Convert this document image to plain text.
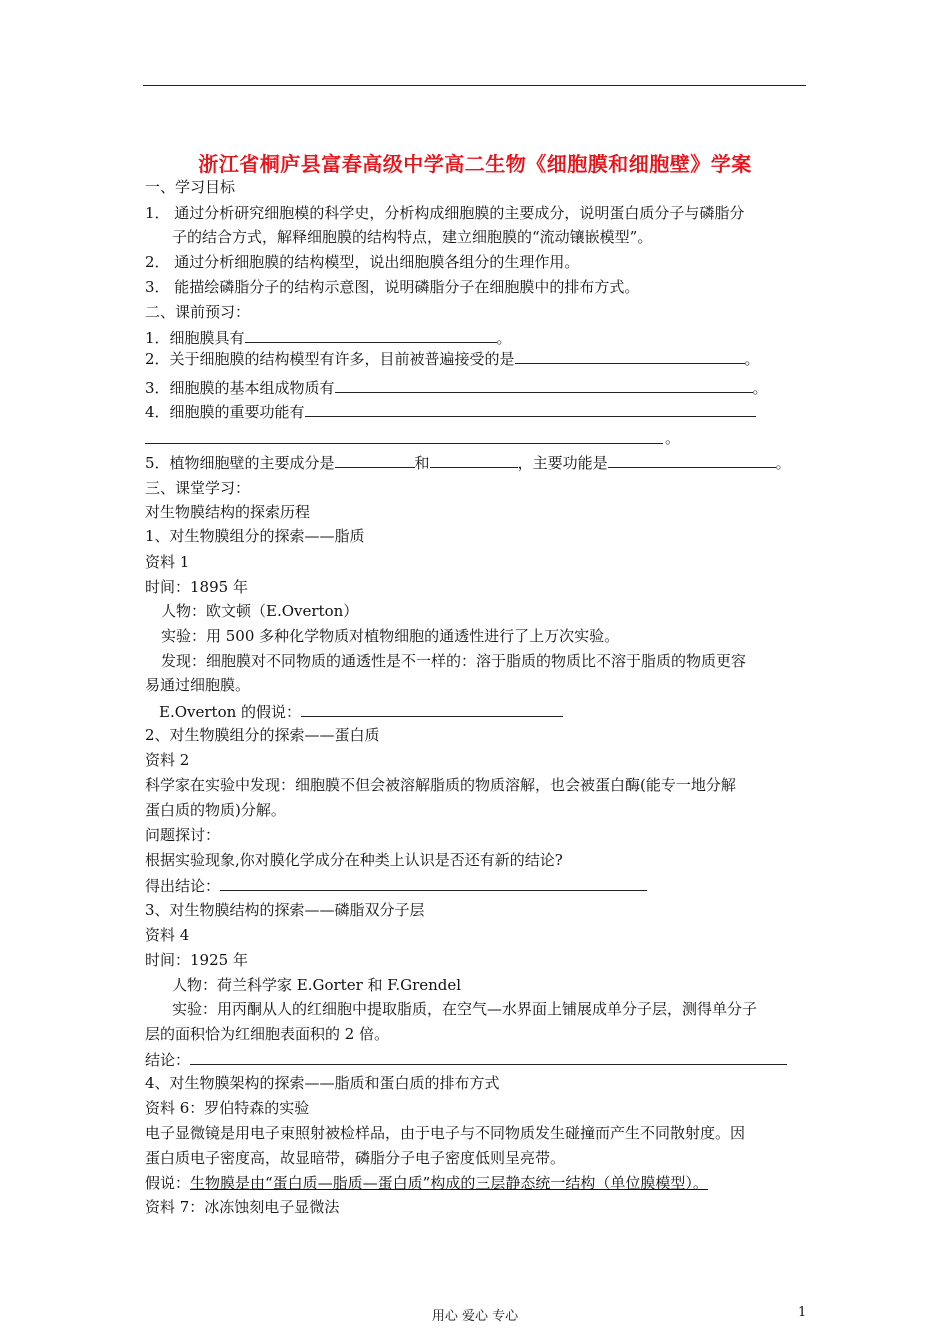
浙江省桐庐县富春高级中学高二生物《细胞膜和细胞壁》学案
一、学习目标
1． 通过分析研究细胞模的科学史，分析构成细胞膜的主要成分，说明蛋白质分子与磷脂分
子的结合方式，解释细胞膜的结构特点，建立细胞膜的“流动镶嵌模型”。
2． 通过分析细胞膜的结构模型，说出细胞膜各组分的生理作用。
3． 能描绘磷脂分子的结构示意图，说明磷脂分子在细胞膜中的排布方式。
二、课前预习：
1．细胞膜具有	。
2．关于细胞膜的结构模型有许多，目前被普遍接受的是	。
3．细胞膜的基本组成物质有	。
4．细胞膜的重要功能有
。
5．植物细胞壁的主要成分是	和	，主要功能是	。
三、课堂学习：
对生物膜结构的探索历程
1、对生物膜组分的探索——脂质
资料 1
时间：1895 年
人物：欧文顿（E.Overton）
实验：用 500 多种化学物质对植物细胞的通透性进行了上万次实验。
发现：细胞膜对不同物质的通透性是不一样的：溶于脂质的物质比不溶于脂质的物质更容
易通过细胞膜。
E.Overton 的假说：
2、对生物膜组分的探索——蛋白质
资料 2
科学家在实验中发现：细胞膜不但会被溶解脂质的物质溶解，也会被蛋白酶(能专一地分解
蛋白质的物质)分解。
问题探讨：
根据实验现象,你对膜化学成分在种类上认识是否还有新的结论?
得出结论：
3、对生物膜结构的探索——磷脂双分子层
资料 4
时间：1925 年
人物：荷兰科学家 E.Gorter 和 F.Grendel
实验：用丙酮从人的红细胞中提取脂质，在空气—水界面上铺展成单分子层，测得单分子
层的面积恰为红细胞表面积的 2 倍。
结论：
4、对生物膜架构的探索——脂质和蛋白质的排布方式
资料 6：罗伯特森的实验
电子显微镜是用电子束照射被检样品，由于电子与不同物质发生碰撞而产生不同散射度。因
蛋白质电子密度高，故显暗带，磷脂分子电子密度低则呈亮带。
假说：生物膜是由“蛋白质—脂质—蛋白质”构成的三层静态统一结构（单位膜模型）。
资料 7：冰冻蚀刻电子显微法
用心 爱心 专心	1
